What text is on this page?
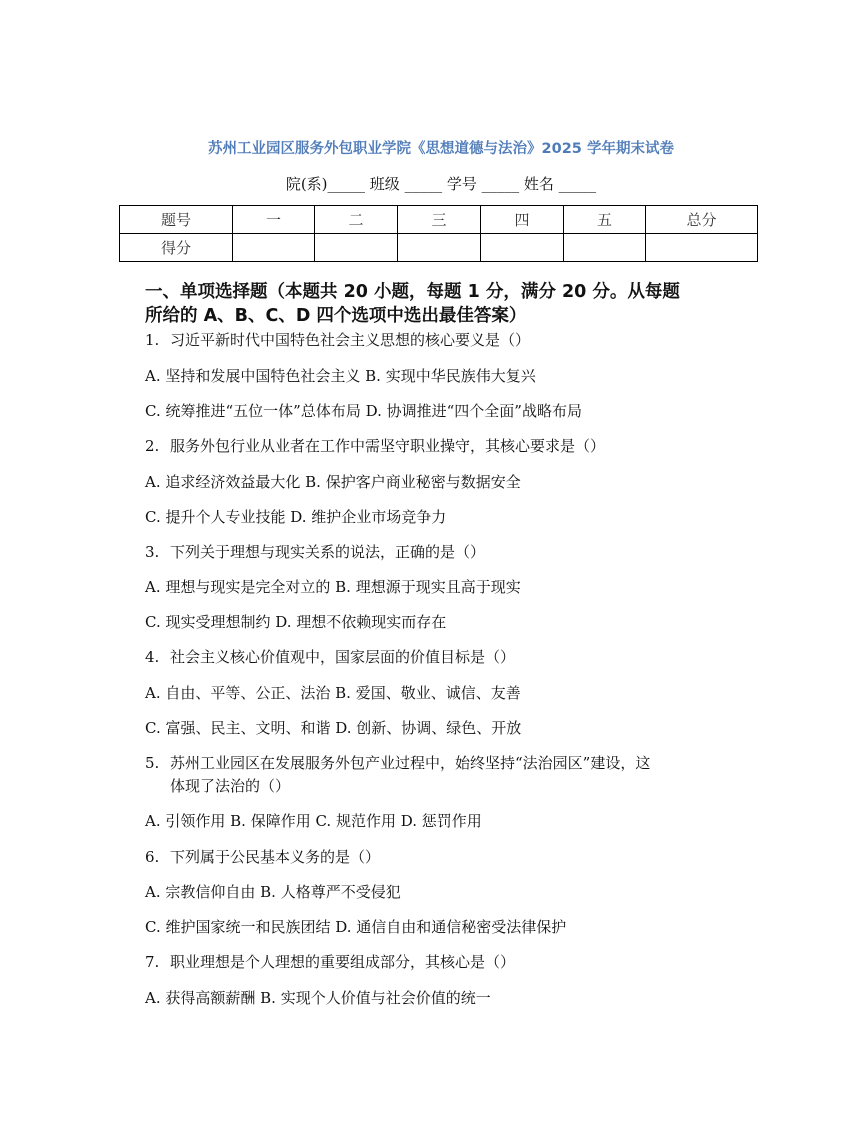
苏州工业园区服务外包职业学院《思想道德与法治》2025 学年期末试卷
院(系)_____ 班级 _____ 学号 _____ 姓名 _____
题号	一	二	三	四	五	总分
得分						
一、单项选择题（本题共 20 小题，每题 1 分，满分 20 分。从每题
所给的 A、B、C、D 四个选项中选出最佳答案）
1. 习近平新时代中国特色社会主义思想的核心要义是（）
A. 坚持和发展中国特色社会主义 B. 实现中华民族伟大复兴
C. 统筹推进“五位一体”总体布局 D. 协调推进“四个全面”战略布局
2. 服务外包行业从业者在工作中需坚守职业操守，其核心要求是（）
A. 追求经济效益最大化 B. 保护客户商业秘密与数据安全
C. 提升个人专业技能 D. 维护企业市场竞争力
3. 下列关于理想与现实关系的说法，正确的是（）
A. 理想与现实是完全对立的 B. 理想源于现实且高于现实
C. 现实受理想制约 D. 理想不依赖现实而存在
4. 社会主义核心价值观中，国家层面的价值目标是（）
A. 自由、平等、公正、法治 B. 爱国、敬业、诚信、友善
C. 富强、民主、文明、和谐 D. 创新、协调、绿色、开放
5. 苏州工业园区在发展服务外包产业过程中，始终坚持“法治园区”建设，这
体现了法治的（）
A. 引领作用 B. 保障作用 C. 规范作用 D. 惩罚作用
6. 下列属于公民基本义务的是（）
A. 宗教信仰自由 B. 人格尊严不受侵犯
C. 维护国家统一和民族团结 D. 通信自由和通信秘密受法律保护
7. 职业理想是个人理想的重要组成部分，其核心是（）
A. 获得高额薪酬 B. 实现个人价值与社会价值的统一
